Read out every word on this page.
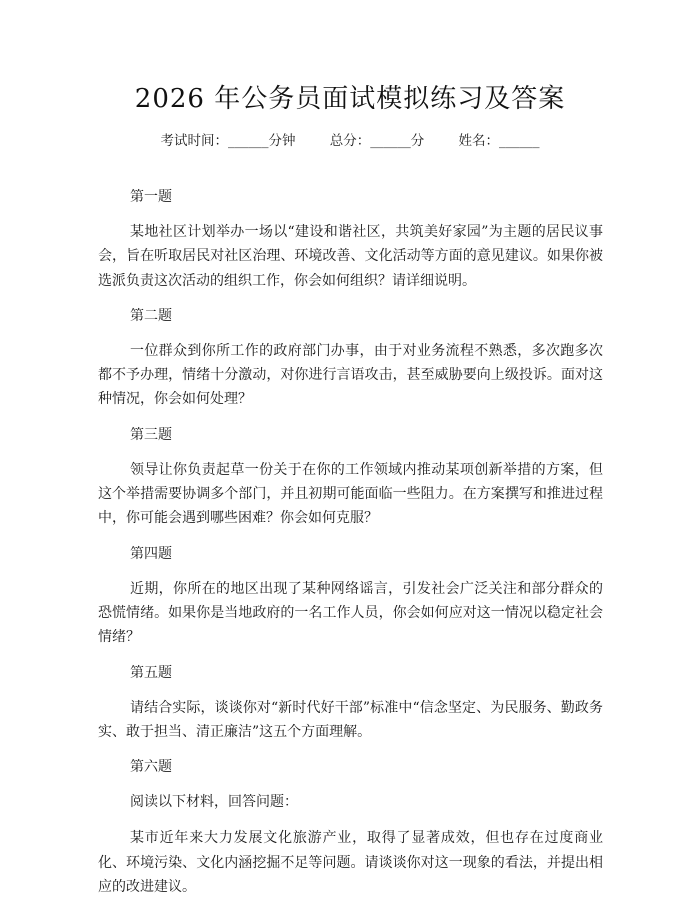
2026 年公务员面试模拟练习及答案
考试时间：______分钟	总分：______分	姓名：______
第一题
某地社区计划举办一场以“建设和谐社区，共筑美好家园”为主题的居民议事会，旨在听取居民对社区治理、环境改善、文化活动等方面的意见建议。如果你被选派负责这次活动的组织工作，你会如何组织？请详细说明。
第二题
一位群众到你所工作的政府部门办事，由于对业务流程不熟悉，多次跑多次都不予办理，情绪十分激动，对你进行言语攻击，甚至威胁要向上级投诉。面对这种情况，你会如何处理？
第三题
领导让你负责起草一份关于在你的工作领域内推动某项创新举措的方案，但这个举措需要协调多个部门，并且初期可能面临一些阻力。在方案撰写和推进过程中，你可能会遇到哪些困难？你会如何克服？
第四题
近期，你所在的地区出现了某种网络谣言，引发社会广泛关注和部分群众的恐慌情绪。如果你是当地政府的一名工作人员，你会如何应对这一情况以稳定社会情绪？
第五题
请结合实际，谈谈你对“新时代好干部”标准中“信念坚定、为民服务、勤政务实、敢于担当、清正廉洁”这五个方面理解。
第六题
阅读以下材料，回答问题：
某市近年来大力发展文化旅游产业，取得了显著成效，但也存在过度商业化、环境污染、文化内涵挖掘不足等问题。请谈谈你对这一现象的看法，并提出相应的改进建议。
